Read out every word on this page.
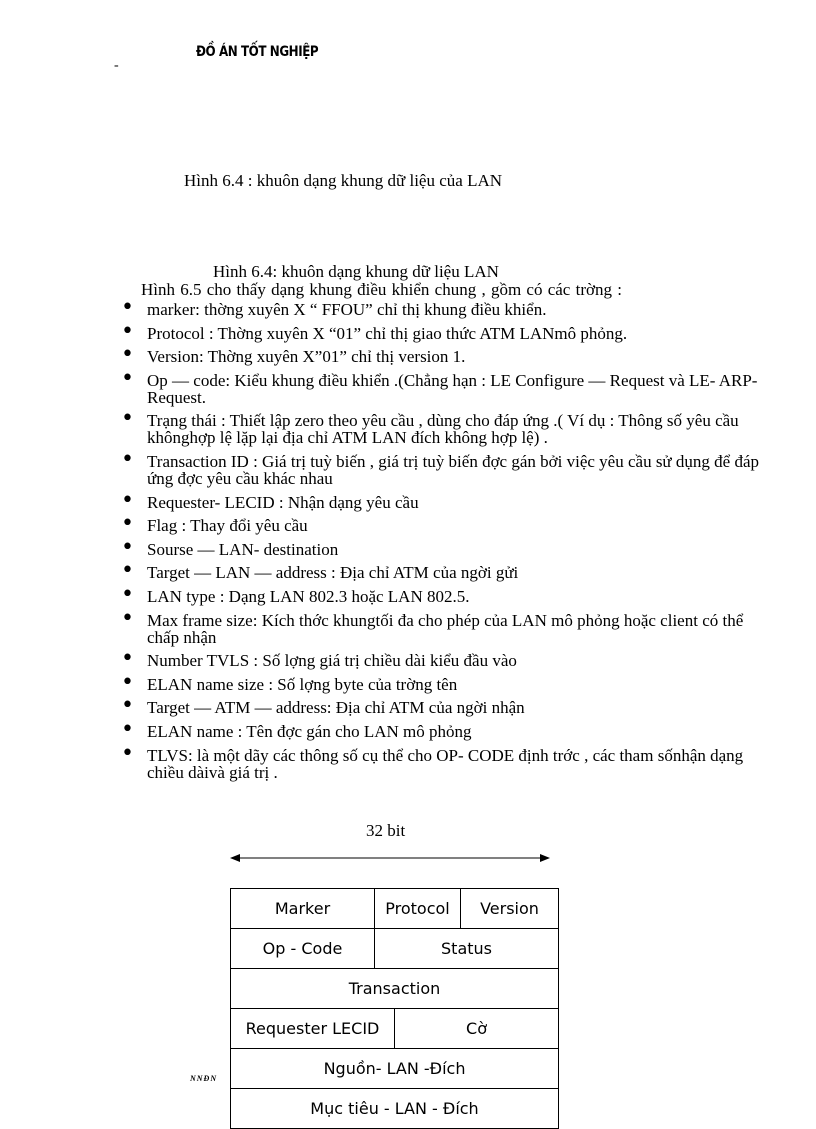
ĐỒ ÁN TỐT NGHIỆP
-
Hình 6.4 : khuôn dạng khung dữ liệu của LAN
Hình 6.4: khuôn dạng khung dữ liệu LAN
Hình 6.5 cho thấy dạng khung điều khiển chung , gồm có các trờng :
• marker: thờng xuyên X “ FFOU” chỉ thị khung điều khiển.
• Protocol : Thờng xuyên X “01” chỉ thị giao thức ATM LANmô phỏng.
• Version: Thờng xuyên X”01” chỉ thị version 1.
• Op — code: Kiểu khung điều khiển .(Chẳng hạn : LE Configure — Request và LE- ARP- Request.
• Trạng thái : Thiết lập zero theo yêu cầu , dùng cho đáp ứng .( Ví dụ : Thông số yêu cầu khônghợp lệ lặp lại địa chỉ ATM LAN đích không hợp lệ) .
• Transaction ID : Giá trị tuỳ biến , giá trị tuỳ biến đợc gán bởi việc yêu cầu sử dụng để đáp ứng đợc yêu cầu khác nhau
• Requester- LECID : Nhận dạng yêu cầu
• Flag : Thay đổi yêu cầu
• Sourse — LAN- destination
• Target — LAN — address : Địa chỉ ATM của ngời gửi
• LAN type : Dạng LAN 802.3 hoặc LAN 802.5.
• Max frame size: Kích thớc khungtối đa cho phép của LAN mô phỏng hoặc client có thể chấp nhận
• Number TVLS : Số lợng giá trị chiều dài kiểu đầu vào
• ELAN name size : Số lợng byte của trờng tên
• Target — ATM — address: Địa chỉ ATM của ngời nhận
• ELAN name : Tên đợc gán cho LAN mô phỏng
• TLVS: là một dãy các thông số cụ thể cho OP- CODE định trớc , các tham sốnhận dạng chiều dàivà giá trị .
32 bit
Marker	Protocol		Version
Op - Code	Status		
Transaction			
Requester LECID		Cờ	
Nguồn- LAN -Đích			
Mục tiêu - LAN - Đích			
NNĐN
